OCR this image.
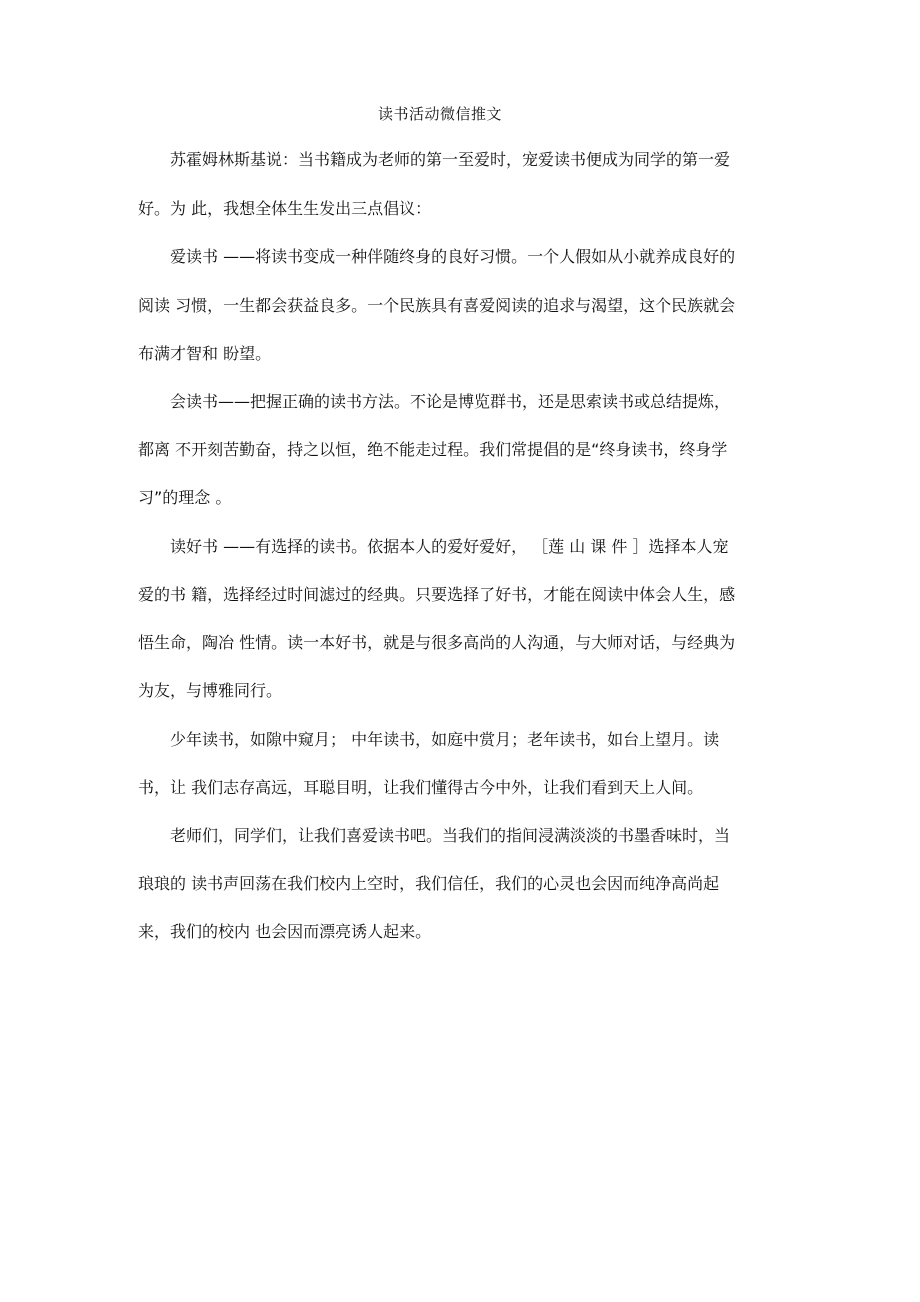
读书活动微信推文
苏霍姆林斯基说：当书籍成为老师的第一至爱时，宠爱读书便成为同学的第一爱
好。为 此，我想全体生生发出三点倡议：
爱读书 ——将读书变成一种伴随终身的良好习惯。一个人假如从小就养成良好的
阅读 习惯，一生都会获益良多。一个民族具有喜爱阅读的追求与渴望，这个民族就会
布满才智和 盼望。
会读书——把握正确的读书方法。不论是博览群书，还是思索读书或总结提炼，
都离 不开刻苦勤奋，持之以恒，绝不能走过程。我们常提倡的是“终身读书，终身学
习”的理念 。
读好书 ——有选择的读书。依据本人的爱好爱好， ［莲 山 课 件 ］选择本人宠
爱的书 籍，选择经过时间滤过的经典。只要选择了好书，才能在阅读中体会人生，感
悟生命，陶冶 性情。读一本好书，就是与很多高尚的人沟通，与大师对话，与经典为
为友，与博雅同行。
少年读书，如隙中窥月； 中年读书，如庭中赏月；老年读书，如台上望月。读
书，让 我们志存高远，耳聪目明，让我们懂得古今中外，让我们看到天上人间。
老师们，同学们，让我们喜爱读书吧。当我们的指间浸满淡淡的书墨香味时，当
琅琅的 读书声回荡在我们校内上空时，我们信任，我们的心灵也会因而纯净高尚起
来，我们的校内 也会因而漂亮诱人起来。
